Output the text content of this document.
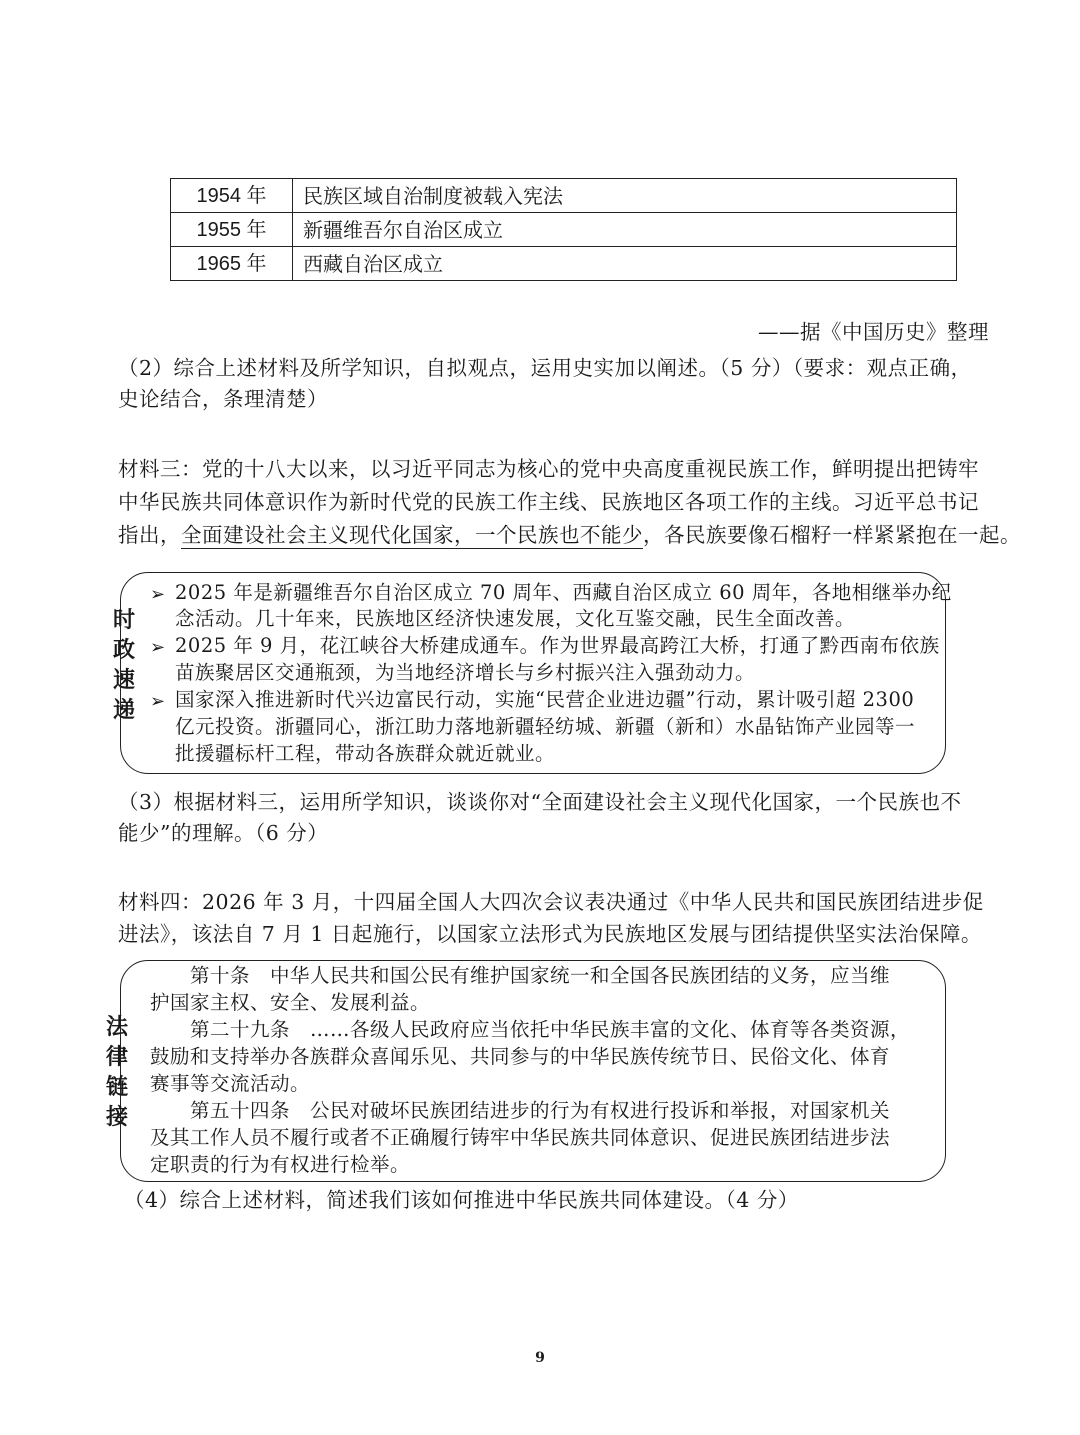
1954 年	民族区域自治制度被载入宪法
1955 年	新疆维吾尔自治区成立
1965 年	西藏自治区成立
——据《中国历史》整理
（2）综合上述材料及所学知识，自拟观点，运用史实加以阐述。（5 分）（要求：观点正确，
史论结合，条理清楚）
材料三：党的十八大以来，以习近平同志为核心的党中央高度重视民族工作，鲜明提出把铸牢
中华民族共同体意识作为新时代党的民族工作主线、民族地区各项工作的主线。习近平总书记
指出，全面建设社会主义现代化国家，一个民族也不能少，各民族要像石榴籽一样紧紧抱在一起。
时
政
速
递
➢
➢
➢
2025 年是新疆维吾尔自治区成立 70 周年、西藏自治区成立 60 周年，各地相继举办纪
念活动。几十年来，民族地区经济快速发展，文化互鉴交融，民生全面改善。
2025 年 9 月，花江峡谷大桥建成通车。作为世界最高跨江大桥，打通了黔西南布依族
苗族聚居区交通瓶颈，为当地经济增长与乡村振兴注入强劲动力。
国家深入推进新时代兴边富民行动，实施“民营企业进边疆”行动，累计吸引超 2300
亿元投资。浙疆同心，浙江助力落地新疆轻纺城、新疆（新和）水晶钻饰产业园等一
批援疆标杆工程，带动各族群众就近就业。
（3）根据材料三，运用所学知识，谈谈你对“全面建设社会主义现代化国家，一个民族也不
能少”的理解。（6 分）
材料四：2026 年 3 月，十四届全国人大四次会议表决通过《中华人民共和国民族团结进步促
进法》，该法自 7 月 1 日起施行，以国家立法形式为民族地区发展与团结提供坚实法治保障。
法
律
链
接
第十条　中华人民共和国公民有维护国家统一和全国各民族团结的义务，应当维
护国家主权、安全、发展利益。
第二十九条　……各级人民政府应当依托中华民族丰富的文化、体育等各类资源，
鼓励和支持举办各族群众喜闻乐见、共同参与的中华民族传统节日、民俗文化、体育
赛事等交流活动。
第五十四条　公民对破坏民族团结进步的行为有权进行投诉和举报，对国家机关
及其工作人员不履行或者不正确履行铸牢中华民族共同体意识、促进民族团结进步法
定职责的行为有权进行检举。
（4）综合上述材料，简述我们该如何推进中华民族共同体建设。（4 分）
9
